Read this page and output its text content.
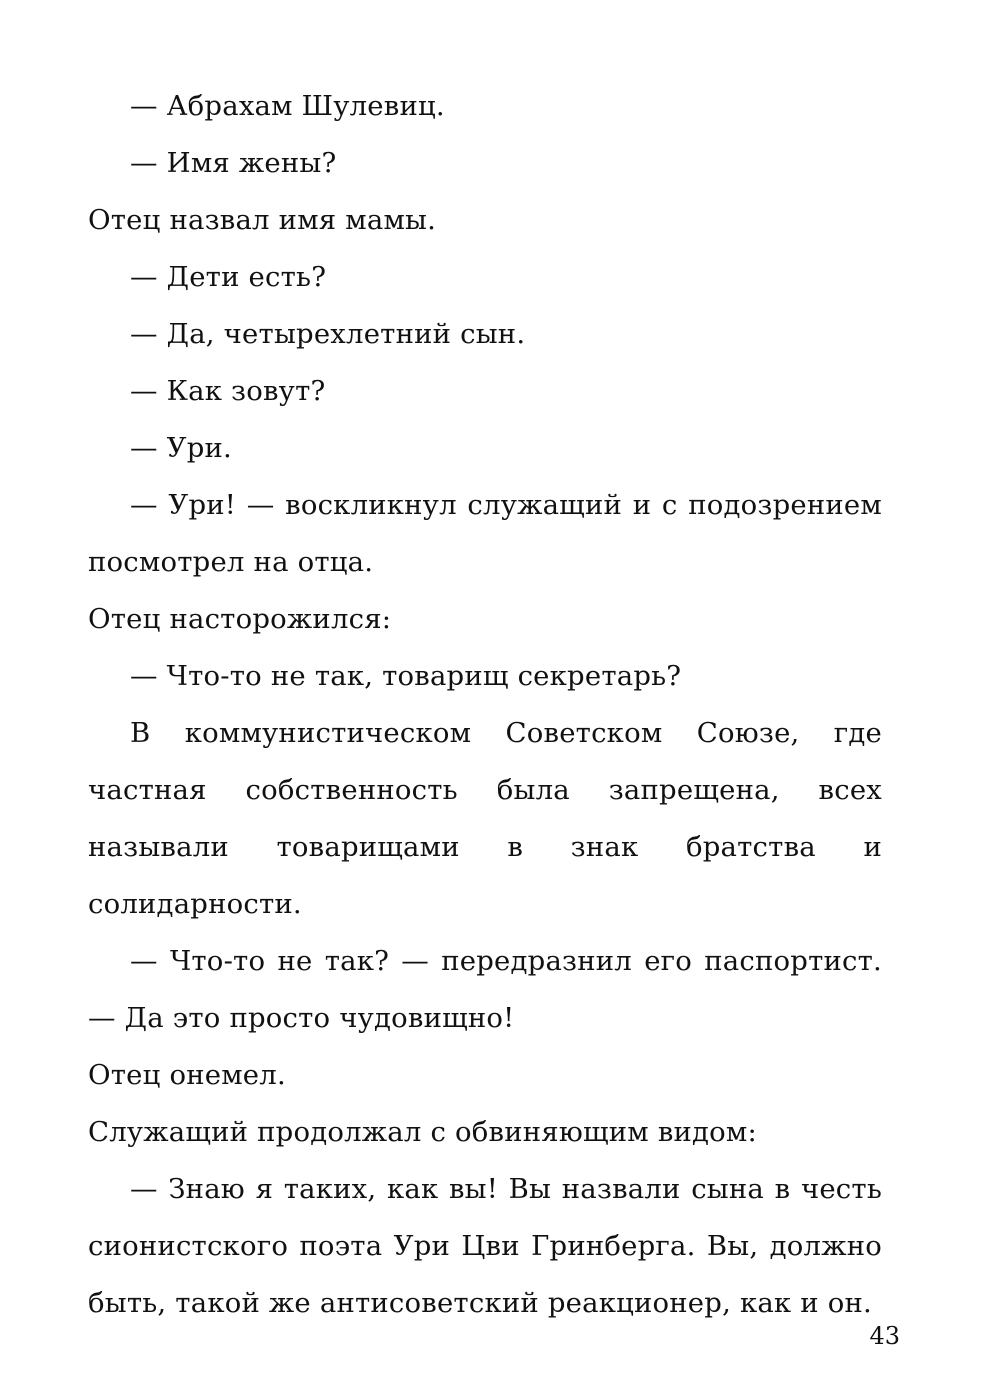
— Абрахам Шулевиц.

— Имя жены?

Отец назвал имя мамы.

— Дети есть?

— Да, четырехлетний сын.

— Как зовут?

— Ури.

— Ури! — воскликнул служащий и с подозрением посмотрел на отца.

Отец насторожился:

— Что-то не так, товарищ секретарь?

В коммунистическом Советском Союзе, где частная собственность была запрещена, всех называли товарищами в знак братства и солидарности.

— Что-то не так? — передразнил его паспортист. — Да это просто чудовищно!

Отец онемел.

Служащий продолжал с обвиняющим видом:

— Знаю я таких, как вы! Вы назвали сына в честь сионистского поэта Ури Цви Гринберга. Вы, должно быть, такой же антисоветский реакционер, как и он.

43
